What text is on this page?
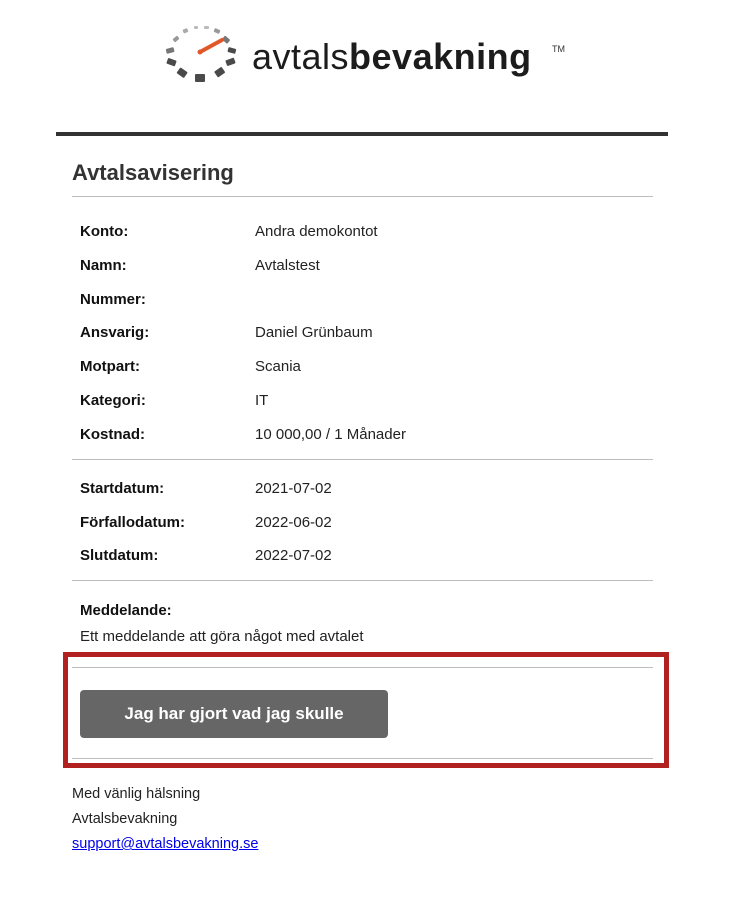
avtalsbevakning TM
Avtalsavisering
Konto:	Andra demokontot
Namn:	Avtalstest
Nummer:
Ansvarig:	Daniel Grünbaum
Motpart:	Scania
Kategori:	IT
Kostnad:	10 000,00 / 1 Månader
Startdatum:	2021-07-02
Förfallodatum:	2022-06-02
Slutdatum:	2022-07-02
Meddelande:
Ett meddelande att göra något med avtalet
Jag har gjort vad jag skulle
Med vänlig hälsning
Avtalsbevakning
support@avtalsbevakning.se
